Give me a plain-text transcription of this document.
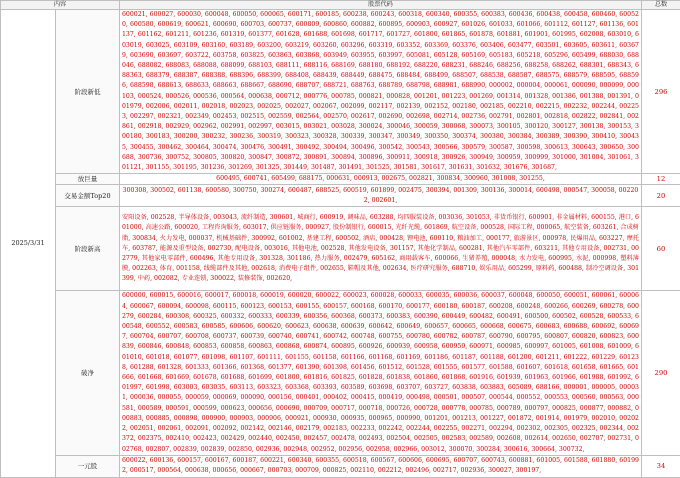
内容		股票代码	总数
2025/3/31	阶段新低	600021, 600027, 600030, 600048, 600050, 600065, 600171, 600185, 600238, 600243, 600318, 600340, 600355, 600383, 600436, 600438, 600458, 600460, 600520, 600580, 600619, 600621, 600690, 600703, 600737, 600809, 600860, 600882, 600895, 600903, 600927, 601026, 601033, 601066, 601112, 601127, 601136, 601137, 601162, 601211, 601236, 601319, 601377, 601628, 601688, 601698, 601717, 601727, 601800, 601865, 601878, 601881, 601901, 601995, 602008, 603010, 603019, 603025, 603109, 603160, 603189, 603200, 603219, 603260, 603296, 603319, 603352, 603369, 603376, 603406, 603477, 603501, 603605, 603611, 603679, 603690, 603697, 603722, 603758, 603825, 603863, 603868, 603949, 603955, 603997, 605081, 605128, 605169, 605183, 605218, 605296, 605499, 688030, 688046, 688082, 688083, 688088, 688099, 688103, 688111, 688116, 688169, 688180, 688192, 688220, 688231, 688246, 688256, 688258, 688262, 688301, 688343, 688363, 688379, 688387, 688388, 688396, 688399, 688408, 688439, 688449, 688475, 688484, 688499, 688507, 688538, 688587, 688575, 688579, 688595, 688596, 688598, 688613, 688633, 688663, 688667, 688690, 688707, 688721, 688763, 688789, 688798, 688981, 688990, 000002, 000004, 000061, 000090, 000099, 000103, 000524, 000526, 000536, 000564, 000638, 000712, 000776, 000785, 000821, 000828, 001201, 001223, 001269, 001314, 001328, 001386, 001388, 001391, 001979, 002006, 002011, 002018, 002023, 002025, 002027, 002067, 002099, 002117, 002139, 002152, 002180, 002185, 002210, 002215, 002232, 002244, 002253, 002297, 002321, 002349, 002453, 002515, 002559, 002564, 002570, 002617, 002690, 002698, 002714, 002736, 002791, 002801, 002818, 002822, 002841, 002861, 002918, 002929, 002962, 002991, 002997, 003015, 003021, 003028, 300024, 300046, 300059, 300068, 300073, 300105, 300120, 300127, 300138, 300153, 300180, 300183, 300200, 300232, 300236, 300319, 300323, 300328, 300339, 300347, 300349, 300350, 300374, 300380, 300384, 300389, 300390, 300410, 300435, 300455, 300462, 300464, 300474, 300476, 300491, 300492, 300494, 300496, 300542, 300543, 300566, 300579, 300587, 300598, 300613, 300643, 300650, 300688, 300736, 300752, 300805, 300820, 300847, 300872, 300891, 300894, 300896, 300911, 300918, 300926, 300949, 300959, 300999, 301000, 301004, 301061, 301121, 301155, 301195, 301236, 301269, 301325, 301449, 301487, 301491, 301525, 301581, 301617, 301631, 301632, 301676, 301687,	296
	放巨量	600495, 600741, 605499, 688175, 000631, 000913, 002675, 002821, 300834, 300960, 301008, 301255,	12
	交易金额Top20	300308, 300502, 601138, 600580, 300750, 300274, 600487, 688525, 600519, 601899, 002475, 300394, 001309, 300136, 300014, 600498, 000547, 300058, 002202, 002601,	20
	阶段新高	安阳设备, 002528, 半导体设备, 003043, 流纤制造, 300601, 城商行, 600919, 调味品, 603288, 均四服装设备, 003036, 301053, 非货币银行, 600901, 非金属材料, 600155, 港口, 601000, 高速公路, 600020, 工程咨询服务, 603017, 供应链服务, 000927, 股份制银行, 600015, 光纤光缆, 601869, 航空设备, 000528, 国际工程, 000065, 航空装备, 603261, 合成树脂, 300834, 火力发电, 000037, 机械基础件, 300992, 601002, 基建工程, 600502, 酒店, 000428, 锂电池, 600110, 粮油加工, 000177, 旅游景区, 000978, 民爆用品, 603227, 摩托车, 603787, 能源及重型设备, 002730, 配电设备, 003016, 其他电池, 002528, 其他发电设备, 301157, 其他化学制品, 600281, 其他汽车零部件, 603211, 其他专用设备, 002731, 002779, 其他家电零部件, 600496, 其他专用设备, 301328, 301186, 热力服务, 002479, 605162, 商用载客车, 600066, 生猪养殖, 000048, 水力发电, 600995, 水泥, 000998, 塑料薄膜, 002263, 体育, 001158, 线缆部件及其他, 002618, 消费电子组件, 002655, 鞋帽及其他, 002634, 医疗研究服务, 688710, 娱乐用品, 605299, 原料药, 600488, 制冷空调设备, 301399, 中药, 002082, 专业连锁, 300022, 装修装饰, 002620,	60
	破净	600000, 600015, 600016, 600017, 600018, 600019, 600020, 600022, 600023, 600028, 600033, 600035, 600036, 600037, 600048, 600050, 600051, 600061, 600064, 600067, 600094, 600098, 600115, 600123, 600153, 600155, 600157, 600168, 600170, 600177, 600180, 600187, 600208, 600248, 600266, 600269, 600278, 600279, 600284, 600308, 600325, 600332, 600333, 600339, 600356, 600368, 600373, 600383, 600390, 600449, 600482, 600491, 600500, 600502, 600528, 600533, 600548, 600552, 600583, 600585, 600606, 600620, 600623, 600638, 600639, 600642, 600649, 600657, 600665, 600668, 600675, 600683, 600688, 600692, 600697, 600704, 600707, 600708, 600737, 600739, 600740, 600741, 600742, 600748, 600755, 600780, 600782, 600787, 600790, 600795, 600807, 600820, 600823, 600839, 600846, 600848, 600853, 600858, 600863, 600868, 600874, 600895, 600926, 600939, 600958, 600959, 600971, 600985, 600997, 601005, 601008, 601009, 601010, 601018, 601077, 601098, 601107, 601111, 601155, 601158, 601166, 601168, 601169, 601186, 601187, 601188, 601200, 601211, 601222, 601229, 601238, 601288, 601328, 601333, 601366, 601368, 601377, 601390, 601398, 601456, 601512, 601528, 601555, 601577, 601588, 601607, 601618, 601658, 601665, 601666, 601668, 601669, 601678, 601688, 601699, 601800, 601816, 601825, 601828, 601838, 601860, 601868, 601916, 601939, 601963, 601966, 601988, 601992, 601997, 601998, 603003, 603035, 603113, 603323, 603368, 603393, 603589, 603698, 603707, 603727, 603838, 603883, 605089, 688166, 000001, 000005, 000031, 000036, 000055, 000059, 000069, 000090, 000156, 000401, 000402, 000415, 000419, 000498, 000501, 000507, 000544, 000552, 000553, 000560, 000563, 000581, 000589, 000591, 000599, 000623, 000656, 000690, 000709, 000717, 000718, 000726, 000728, 000778, 000785, 000789, 000797, 000825, 000877, 000882, 000883, 000885, 000898, 000900, 000903, 000906, 000921, 000930, 000935, 000965, 000990, 001201, 001213, 001227, 001872, 001914, 001979, 002010, 002022, 002051, 002061, 002091, 002092, 002142, 002146, 002179, 002183, 002233, 002242, 002244, 002255, 002271, 002294, 002302, 002305, 002325, 002344, 002372, 002375, 002410, 002423, 002429, 002440, 002450, 002457, 002478, 002493, 002504, 002505, 002583, 002589, 002608, 002614, 002650, 002707, 002731, 002768, 002807, 002839, 002839, 002850, 002936, 002948, 002952, 002956, 002958, 002966, 003012, 300070, 300284, 300616, 300664, 300732,	290
	一元股	600022, 600136, 600157, 600167, 600187, 600221, 600340, 600355, 600518, 600567, 600606, 600695, 600707, 600743, 600881, 601005, 601588, 601880, 601992, 000517, 000564, 000638, 000656, 000667, 000703, 000709, 000825, 002110, 002212, 002496, 002717, 002936, 300027, 300197,	34
